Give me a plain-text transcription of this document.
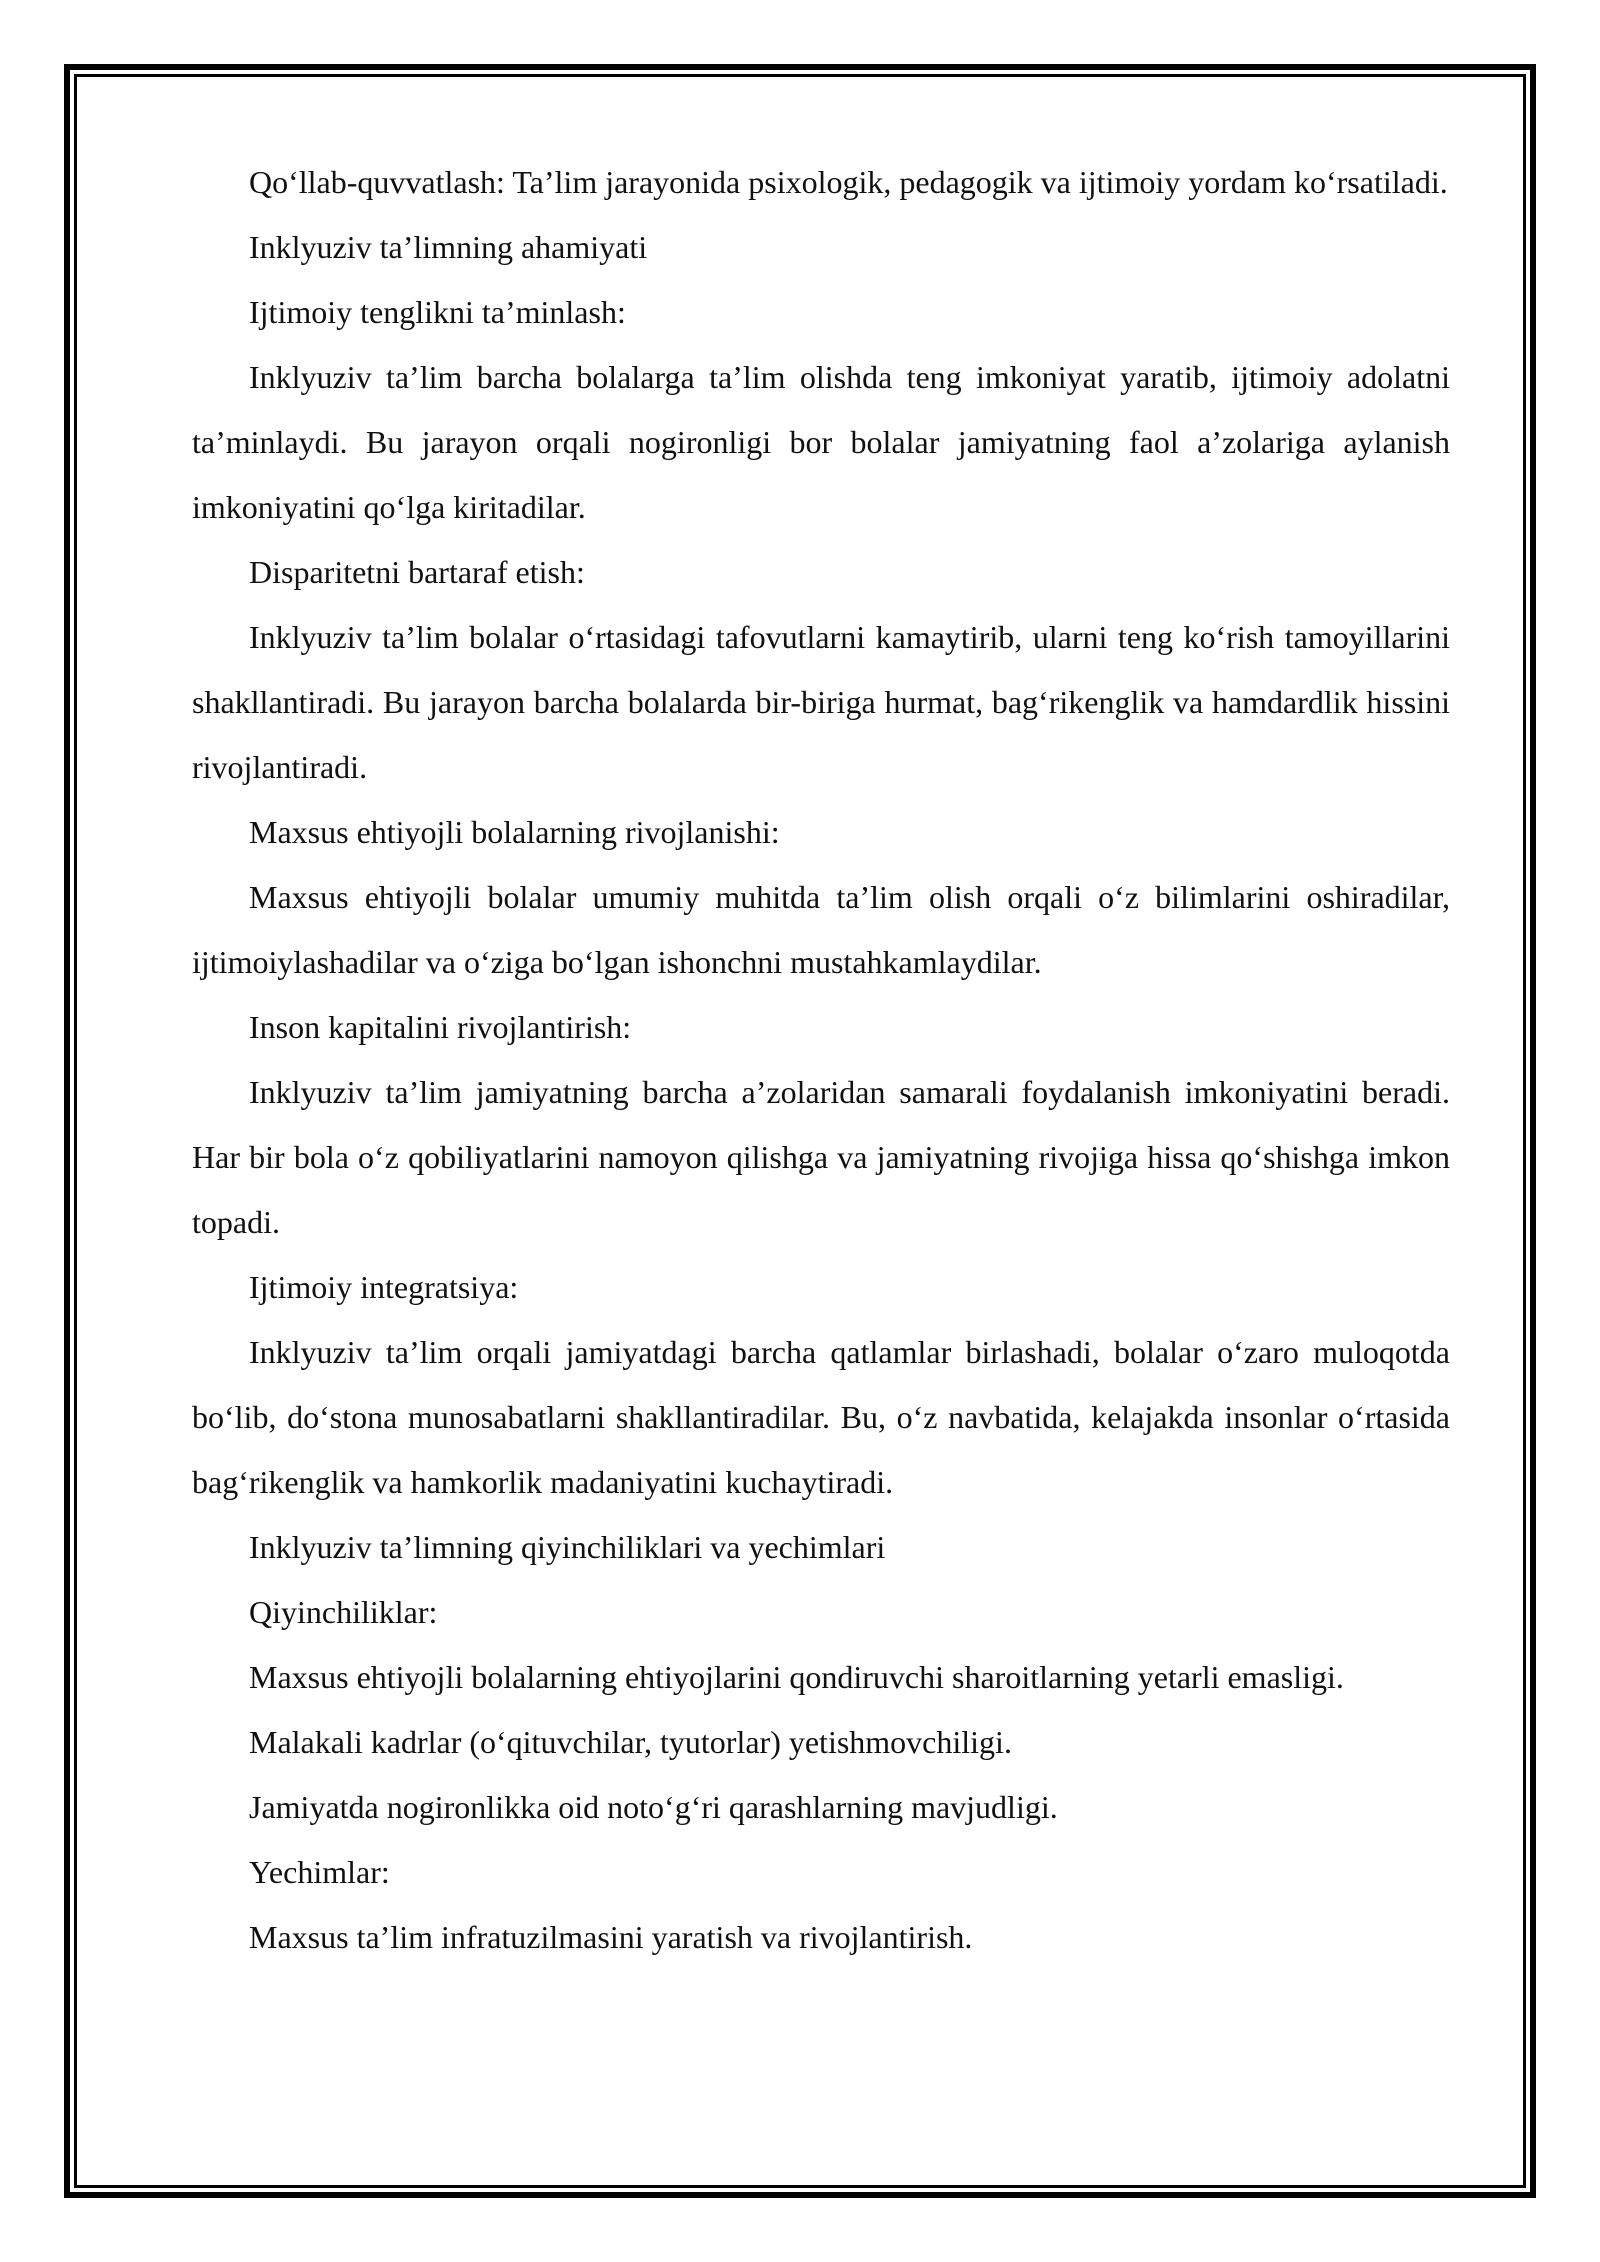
Qo‘llab-quvvatlash: Ta’lim jarayonida psixologik, pedagogik va ijtimoiy yordam ko‘rsatiladi.

Inklyuziv ta’limning ahamiyati

Ijtimoiy tenglikni ta’minlash:

Inklyuziv ta’lim barcha bolalarga ta’lim olishda teng imkoniyat yaratib, ijtimoiy adolatni ta’minlaydi. Bu jarayon orqali nogironligi bor bolalar jamiyatning faol a’zolariga aylanish imkoniyatini qo‘lga kiritadilar.

Disparitetni bartaraf etish:

Inklyuziv ta’lim bolalar o‘rtasidagi tafovutlarni kamaytirib, ularni teng ko‘rish tamoyillarini shakllantiradi. Bu jarayon barcha bolalarda bir-biriga hurmat, bag‘rikenglik va hamdardlik hissini rivojlantiradi.

Maxsus ehtiyojli bolalarning rivojlanishi:

Maxsus ehtiyojli bolalar umumiy muhitda ta’lim olish orqali o‘z bilimlarini oshiradilar, ijtimoiylashadilar va o‘ziga bo‘lgan ishonchni mustahkamlaydilar.

Inson kapitalini rivojlantirish:

Inklyuziv ta’lim jamiyatning barcha a’zolaridan samarali foydalanish imkoniyatini beradi. Har bir bola o‘z qobiliyatlarini namoyon qilishga va jamiyatning rivojiga hissa qo‘shishga imkon topadi.

Ijtimoiy integratsiya:

Inklyuziv ta’lim orqali jamiyatdagi barcha qatlamlar birlashadi, bolalar o‘zaro muloqotda bo‘lib, do‘stona munosabatlarni shakllantiradilar. Bu, o‘z navbatida, kelajakda insonlar o‘rtasida bag‘rikenglik va hamkorlik madaniyatini kuchaytiradi.

Inklyuziv ta’limning qiyinchiliklari va yechimlari

Qiyinchiliklar:

Maxsus ehtiyojli bolalarning ehtiyojlarini qondiruvchi sharoitlarning yetarli emasligi.

Malakali kadrlar (o‘qituvchilar, tyutorlar) yetishmovchiligi.

Jamiyatda nogironlikka oid noto‘g‘ri qarashlarning mavjudligi.

Yechimlar:

Maxsus ta’lim infratuzilmasini yaratish va rivojlantirish.
